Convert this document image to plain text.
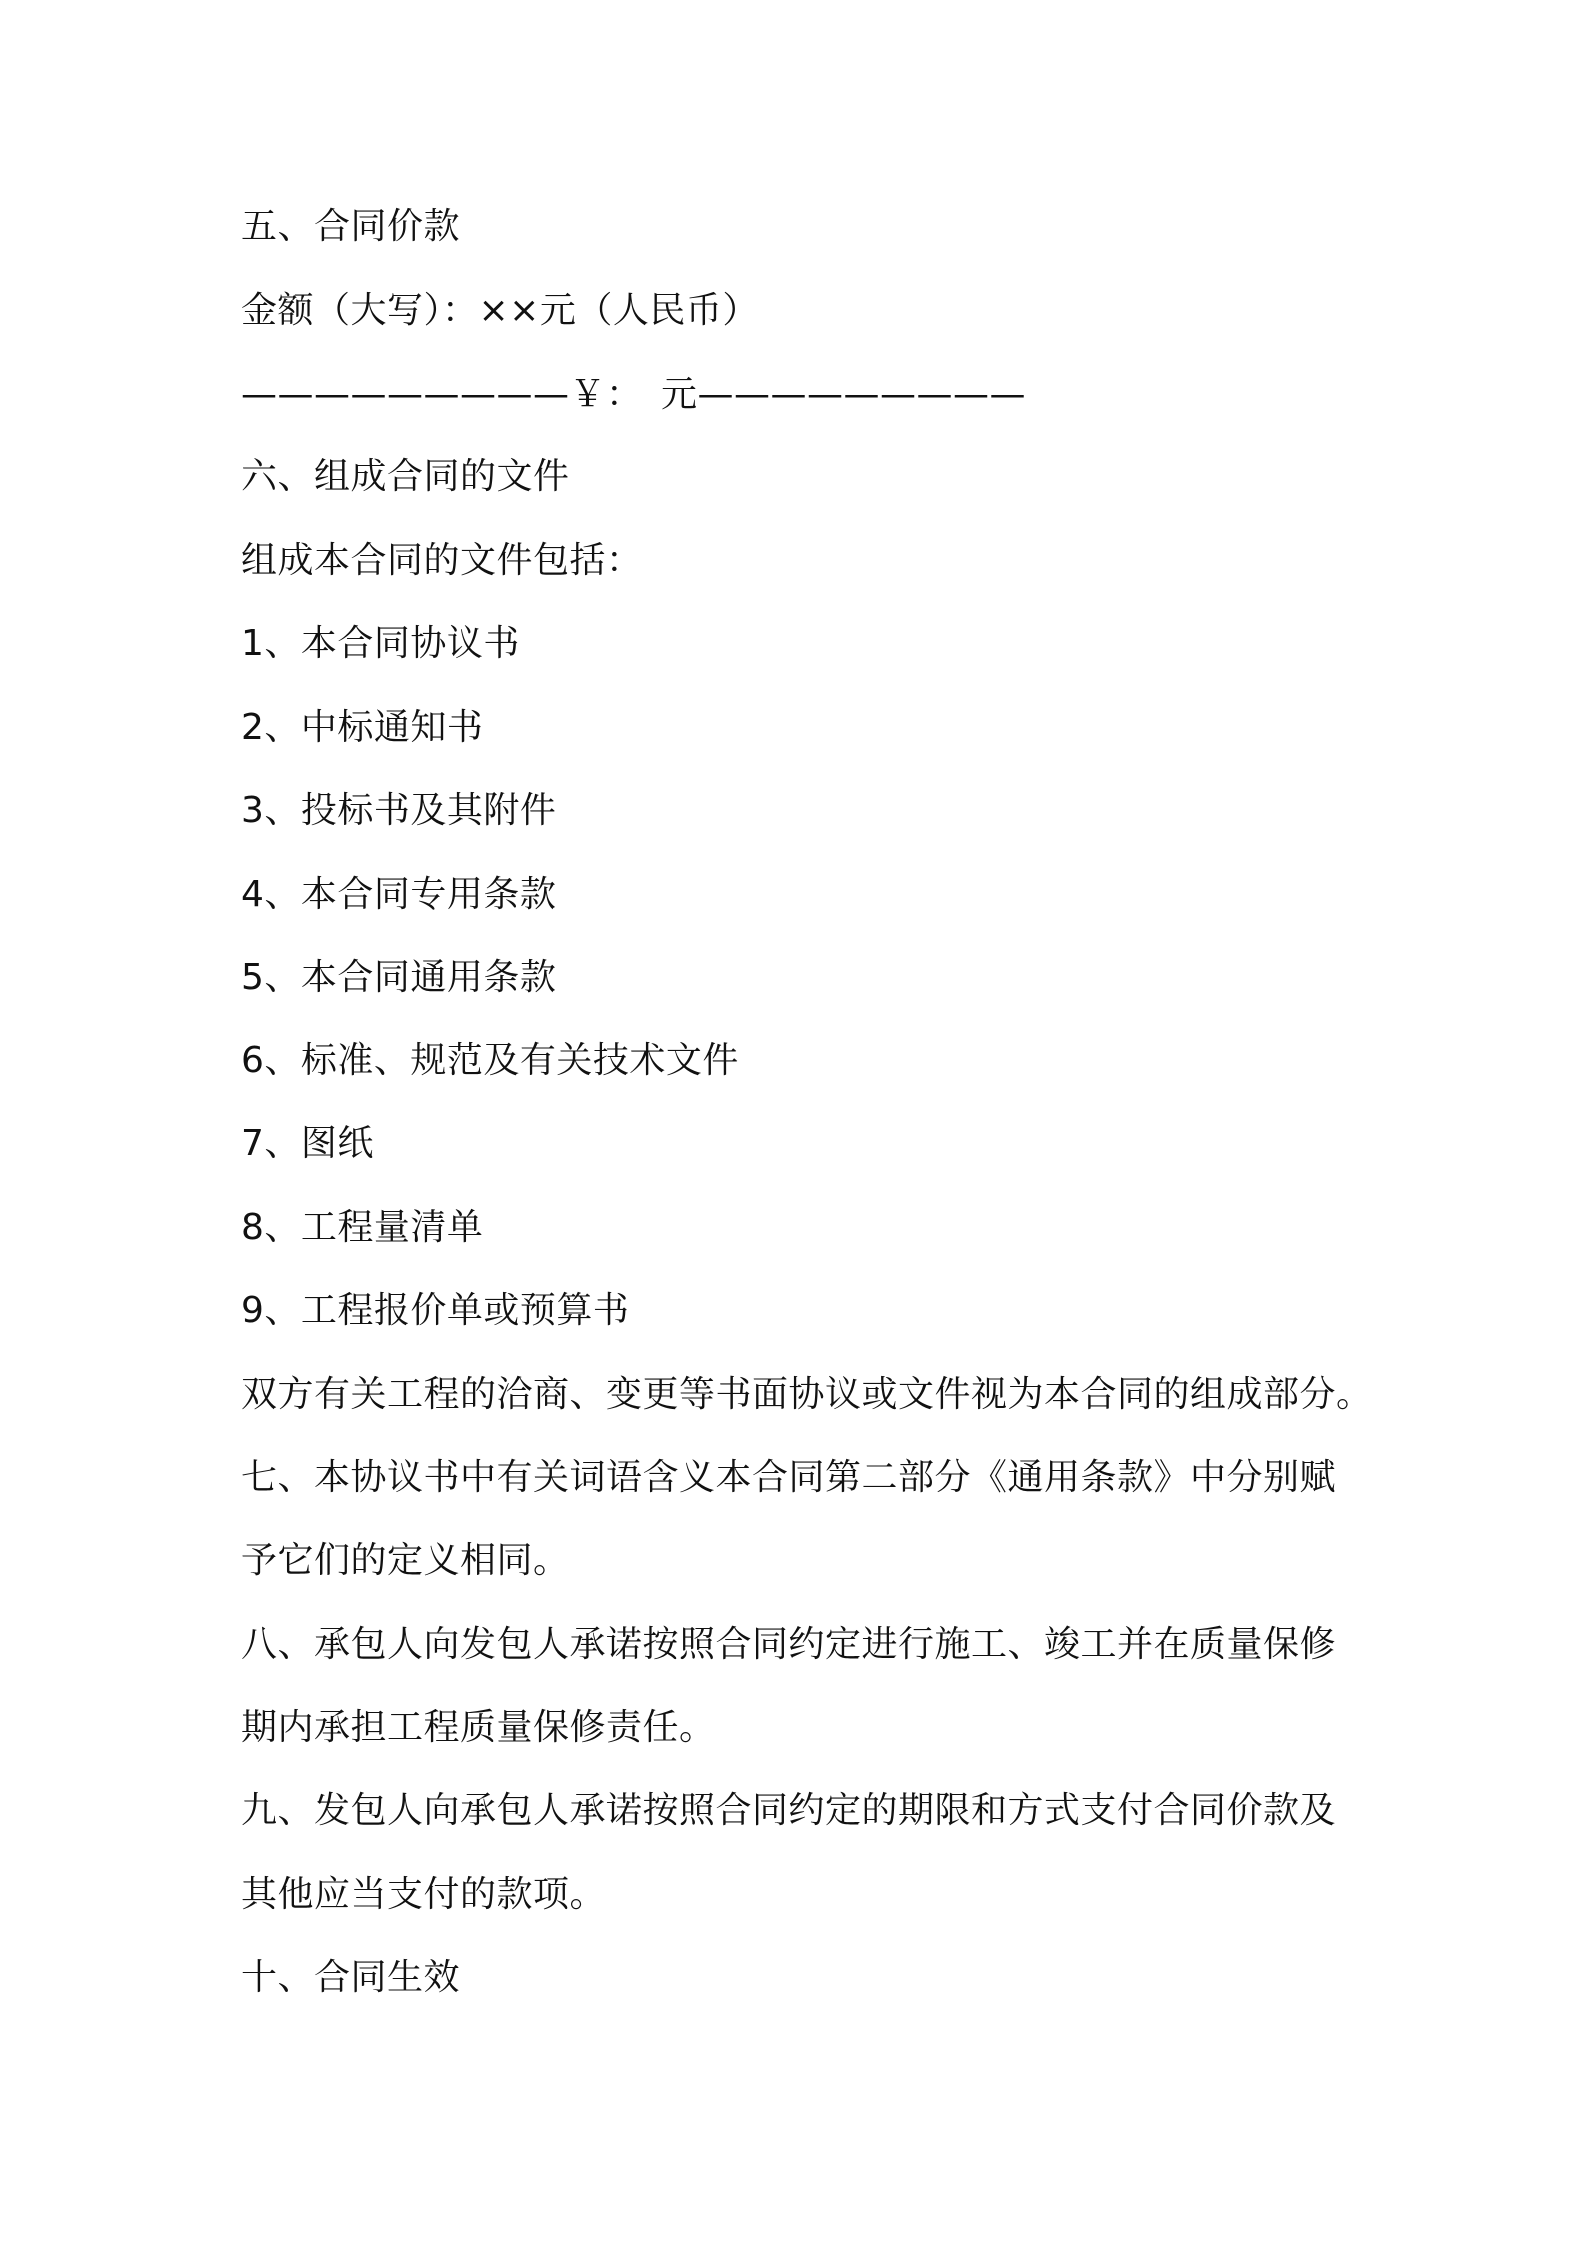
五、合同价款
金额（大写）：××元（人民币）
—————————￥：　元—————————
六、组成合同的文件
组成本合同的文件包括：
1、本合同协议书
2、中标通知书
3、投标书及其附件
4、本合同专用条款
5、本合同通用条款
6、标准、规范及有关技术文件
7、图纸
8、工程量清单
9、工程报价单或预算书
双方有关工程的洽商、变更等书面协议或文件视为本合同的组成部分。
七、本协议书中有关词语含义本合同第二部分《通用条款》中分别赋
予它们的定义相同。
八、承包人向发包人承诺按照合同约定进行施工、竣工并在质量保修
期内承担工程质量保修责任。
九、发包人向承包人承诺按照合同约定的期限和方式支付合同价款及
其他应当支付的款项。
十、合同生效
